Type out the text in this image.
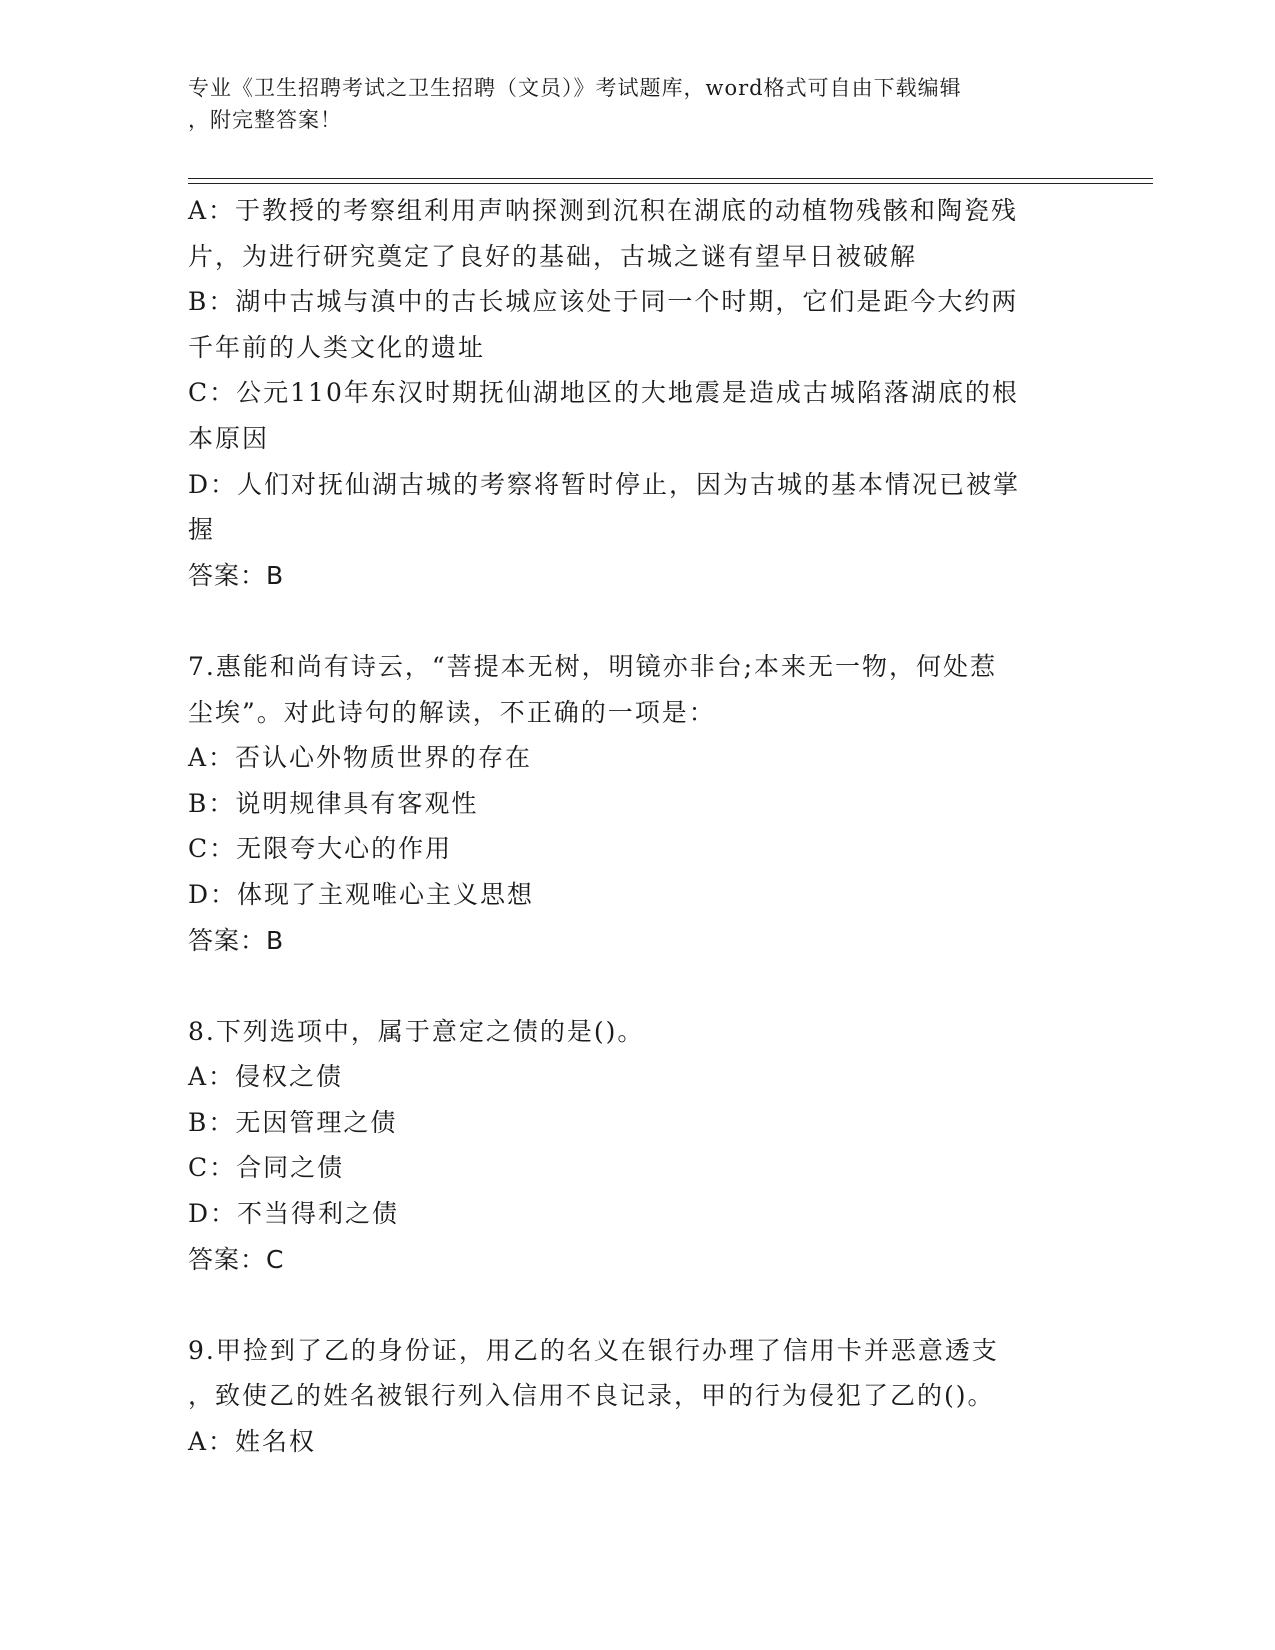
专业《卫生招聘考试之卫生招聘（文员）》考试题库，word格式可自由下载编辑

，附完整答案！

A：于教授的考察组利用声呐探测到沉积在湖底的动植物残骸和陶瓷残

片，为进行研究奠定了良好的基础，古城之谜有望早日被破解

B：湖中古城与滇中的古长城应该处于同一个时期，它们是距今大约两

千年前的人类文化的遗址

C：公元110年东汉时期抚仙湖地区的大地震是造成古城陷落湖底的根

本原因

D：人们对抚仙湖古城的考察将暂时停止，因为古城的基本情况已被掌

握

答案：B

7.惠能和尚有诗云，“菩提本无树，明镜亦非台;本来无一物，何处惹

尘埃”。对此诗句的解读，不正确的一项是：

A：否认心外物质世界的存在

B：说明规律具有客观性

C：无限夸大心的作用

D：体现了主观唯心主义思想

答案：B

8.下列选项中，属于意定之债的是()。

A：侵权之债

B：无因管理之债

C：合同之债

D：不当得利之债

答案：C

9.甲捡到了乙的身份证，用乙的名义在银行办理了信用卡并恶意透支

，致使乙的姓名被银行列入信用不良记录，甲的行为侵犯了乙的()。

A：姓名权
